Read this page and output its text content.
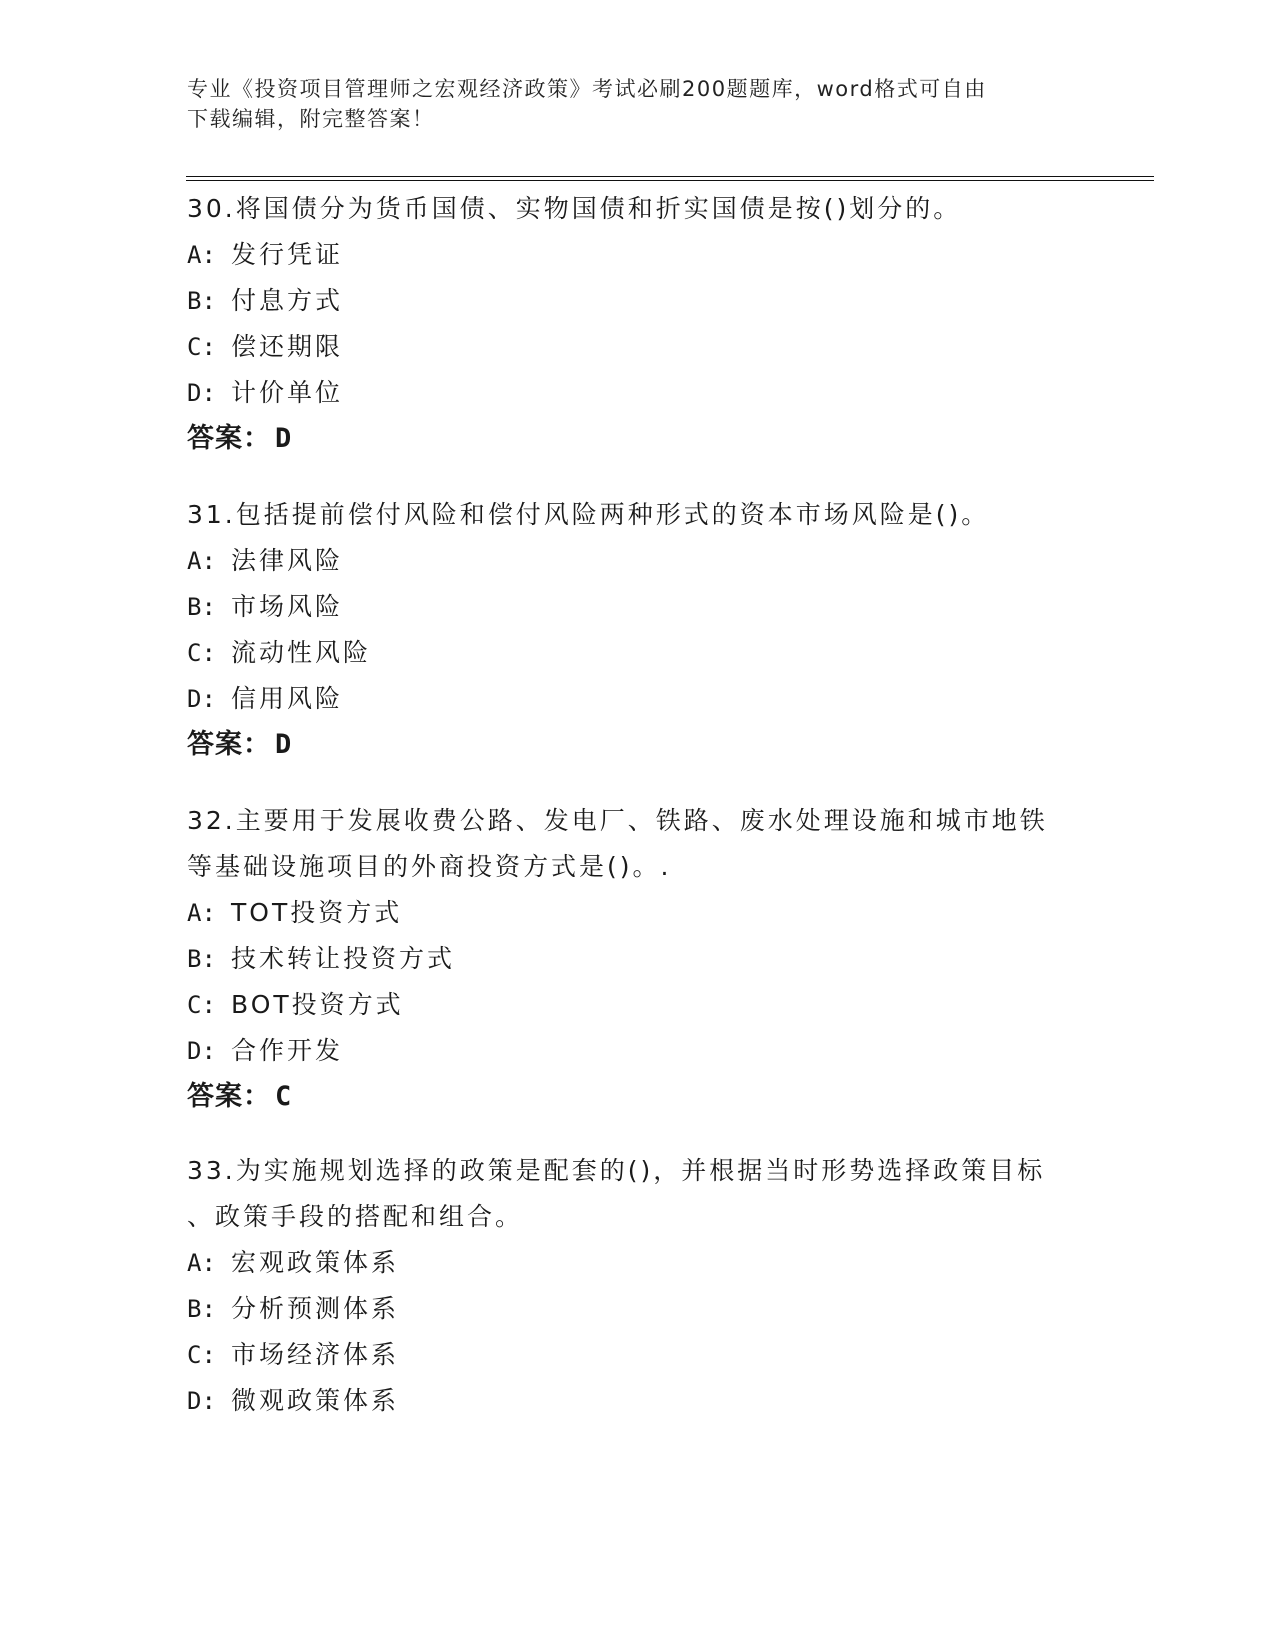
专业《投资项目管理师之宏观经济政策》考试必刷200题题库，word格式可自由
下载编辑，附完整答案！

30.将国债分为货币国债、实物国债和折实国债是按()划分的。

A: 发行凭证
B: 付息方式
C: 偿还期限
D: 计价单位

答案： D

31.包括提前偿付风险和偿付风险两种形式的资本市场风险是()。

A: 法律风险
B: 市场风险
C: 流动性风险
D: 信用风险

答案： D

32.主要用于发展收费公路、发电厂、铁路、废水处理设施和城市地铁

等基础设施项目的外商投资方式是()。.

A: TOT投资方式
B: 技术转让投资方式
C: BOT投资方式
D: 合作开发

答案： C

33.为实施规划选择的政策是配套的()，并根据当时形势选择政策目标

、政策手段的搭配和组合。

A: 宏观政策体系
B: 分析预测体系
C: 市场经济体系
D: 微观政策体系
